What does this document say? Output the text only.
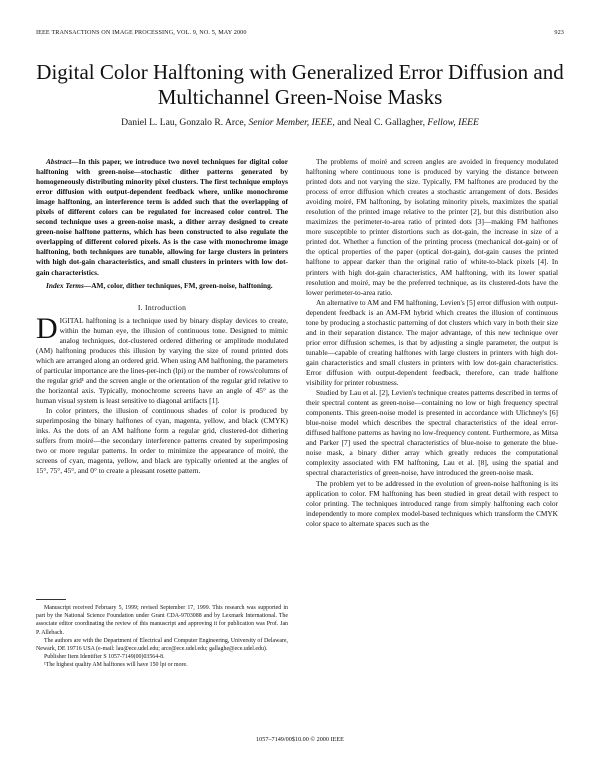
IEEE TRANSACTIONS ON IMAGE PROCESSING, VOL. 9, NO. 5, MAY 2000	923
Digital Color Halftoning with Generalized Error Diffusion and Multichannel Green-Noise Masks
Daniel L. Lau, Gonzalo R. Arce, Senior Member, IEEE, and Neal C. Gallagher, Fellow, IEEE

Abstract—In this paper, we introduce two novel techniques for digital color halftoning with green-noise—stochastic dither patterns generated by homogeneously distributing minority pixel clusters. The first technique employs error diffusion with output-dependent feedback where, unlike monochrome image halftoning, an interference term is added such that the overlapping of pixels of different colors can be regulated for increased color control. The second technique uses a green-noise mask, a dither array designed to create green-noise halftone patterns, which has been constructed to also regulate the overlapping of different colored pixels. As is the case with monochrome image halftoning, both techniques are tunable, allowing for large clusters in printers with high dot-gain characteristics, and small clusters in printers with low dot-gain characteristics.

Index Terms—AM, color, dither techniques, FM, green-noise, halftoning.

I. Introduction

DIGITAL halftoning is a technique used by binary display devices to create, within the human eye, the illusion of continuous tone. Designed to mimic analog techniques, dot-clustered ordered dithering or amplitude modulated (AM) halftoning produces this illusion by varying the size of round printed dots which are arranged along an ordered grid. When using AM halftoning, the parameters of particular importance are the lines-per-inch (lpi) or the number of rows/columns of the regular grid¹ and the screen angle or the orientation of the regular grid relative to the horizontal axis. Typically, monochrome screens have an angle of 45° as the human visual system is least sensitive to diagonal artifacts [1].

In color printers, the illusion of continuous shades of color is produced by superimposing the binary halftones of cyan, magenta, yellow, and black (CMYK) inks. As the dots of an AM halftone form a regular grid, clustered-dot dithering suffers from moiré—the secondary interference patterns created by superimposing two or more regular patterns. In order to minimize the appearance of moiré, the screens of cyan, magenta, yellow, and black are typically oriented at the angles of 15°, 75°, 45°, and 0° to create a pleasant rosette pattern.

The problems of moiré and screen angles are avoided in frequency modulated halftoning where continuous tone is produced by varying the distance between printed dots and not varying the size. Typically, FM halftones are produced by the process of error diffusion which creates a stochastic arrangement of dots. Besides avoiding moiré, FM halftoning, by isolating minority pixels, maximizes the spatial resolution of the printed image relative to the printer [2], but this distribution also maximizes the perimeter-to-area ratio of printed dots [3]—making FM halftones more susceptible to printer distortions such as dot-gain, the increase in size of a printed dot. Whether a function of the printing process (mechanical dot-gain) or of the optical properties of the paper (optical dot-gain), dot-gain causes the printed halftone to appear darker than the original ratio of white-to-black pixels [4]. In printers with high dot-gain characteristics, AM halftoning, with its lower spatial resolution and moiré, may be the preferred technique, as its clustered-dots have the lower perimeter-to-area ratio.

An alternative to AM and FM halftoning, Levien's [5] error diffusion with output-dependent feedback is an AM-FM hybrid which creates the illusion of continuous tone by producing a stochastic patterning of dot clusters which vary in both their size and in their separation distance. The major advantage, of this new technique over prior error diffusion schemes, is that by adjusting a single parameter, the output is tunable—capable of creating halftones with large clusters in printers with high dot-gain characteristics and small clusters in printers with low dot-gain characteristics. Error diffusion with output-dependent feedback, therefore, can trade halftone visibility for printer robustness.

Studied by Lau et al. [2], Levien's technique creates patterns described in terms of their spectral content as green-noise—containing no low or high frequency spectral components. This green-noise model is presented in accordance with Ulichney's [6] blue-noise model which describes the spectral characteristics of the ideal error-diffused halftone patterns as having no low-frequency content. Furthermore, as Mitsa and Parker [7] used the spectral characteristics of blue-noise to generate the blue-noise mask, a binary dither array which greatly reduces the computational complexity associated with FM halftoning, Lau et al. [8], using the spatial and spectral characteristics of green-noise, have introduced the green-noise mask.

The problem yet to be addressed in the evolution of green-noise halftoning is its application to color. FM halftoning has been studied in great detail with respect to color printing. The techniques introduced range from simply halftoning each color independently to more complex model-based techniques which transform the CMYK color space to alternate spaces such as the

Manuscript received February 5, 1999; revised September 17, 1999. This research was supported in part by the National Science Foundation under Grant CDA-9703088 and by Lexmark International. The associate editor coordinating the review of this manuscript and approving it for publication was Prof. Jan P. Allebach.

The authors are with the Department of Electrical and Computer Engineering, University of Delaware, Newark, DE 19716 USA (e-mail: lau@ece.udel.edu; arce@ece.udel.edu; gallaghe@ece.udel.edu).

Publisher Item Identifier S 1057-7149(00)03564-8.

¹The highest quality AM halftones will have 150 lpi or more.

1057–7149/00$10.00 © 2000 IEEE
